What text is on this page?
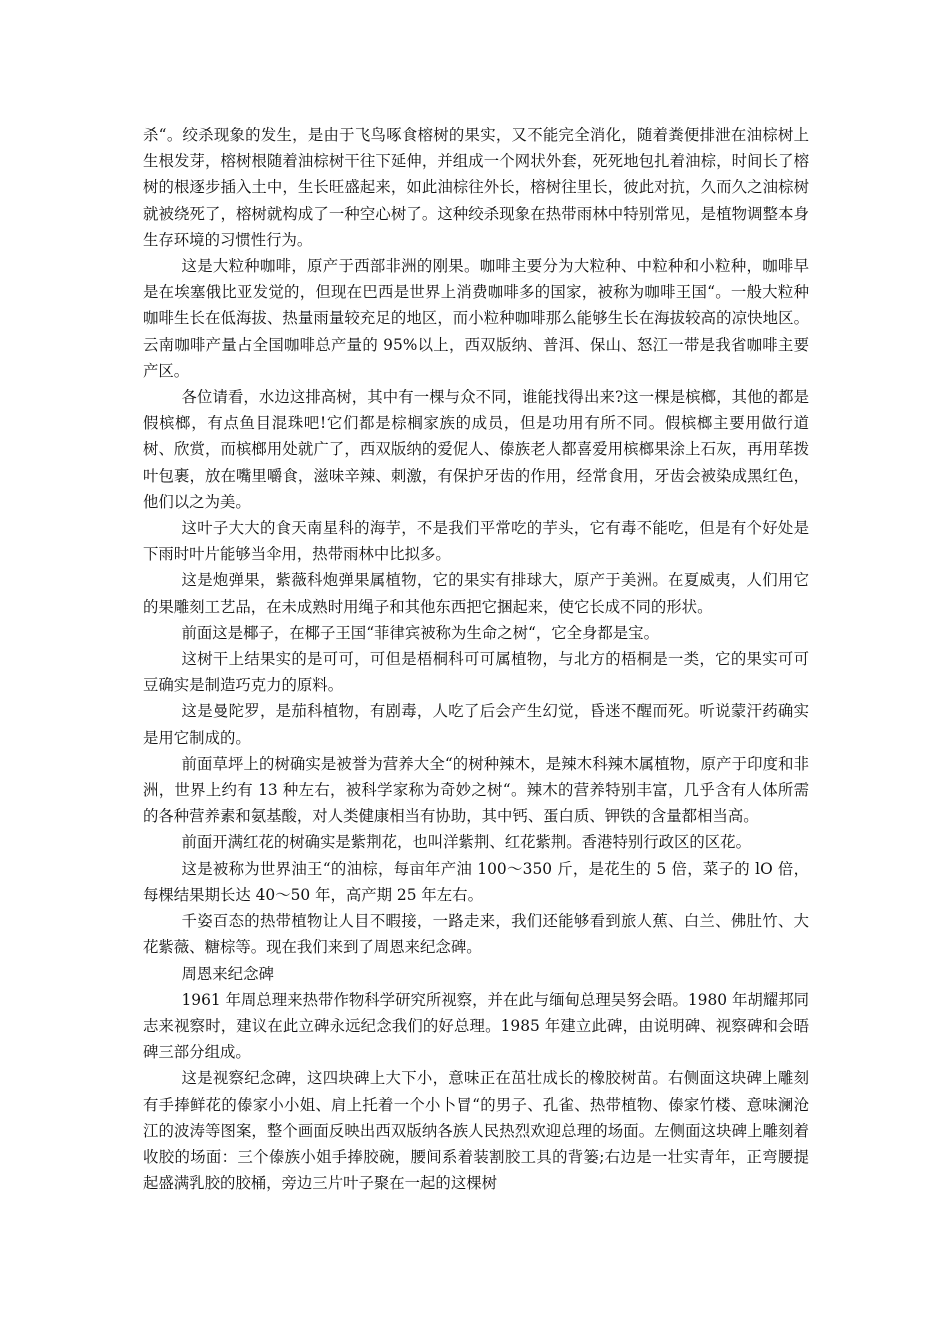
杀“。绞杀现象的发生，是由于飞鸟啄食榕树的果实，又不能完全消化，随着粪便排泄在油棕树上生根发芽，榕树根随着油棕树干往下延伸，并组成一个网状外套，死死地包扎着油棕，时间长了榕树的根逐步插入土中，生长旺盛起来，如此油棕往外长，榕树往里长，彼此对抗，久而久之油棕树就被绕死了，榕树就构成了一种空心树了。这种绞杀现象在热带雨林中特别常见，是植物调整本身生存环境的习惯性行为。

这是大粒种咖啡，原产于西部非洲的刚果。咖啡主要分为大粒种、中粒种和小粒种，咖啡早是在埃塞俄比亚发觉的，但现在巴西是世界上消费咖啡多的国家，被称为咖啡王国“。一般大粒种咖啡生长在低海拔、热量雨量较充足的地区，而小粒种咖啡那么能够生长在海拔较高的凉快地区。云南咖啡产量占全国咖啡总产量的 95%以上，西双版纳、普洱、保山、怒江一带是我省咖啡主要产区。

各位请看，水边这排高树，其中有一棵与众不同，谁能找得出来?这一棵是槟榔，其他的都是假槟榔，有点鱼目混珠吧!它们都是棕榈家族的成员，但是功用有所不同。假槟榔主要用做行道树、欣赏，而槟榔用处就广了，西双版纳的爱伲人、傣族老人都喜爱用槟榔果涂上石灰，再用荜拨叶包裹，放在嘴里嚼食，滋味辛辣、刺激，有保护牙齿的作用，经常食用，牙齿会被染成黑红色，他们以之为美。

这叶子大大的食天南星科的海芋，不是我们平常吃的芋头，它有毒不能吃，但是有个好处是下雨时叶片能够当伞用，热带雨林中比拟多。

这是炮弹果，紫薇科炮弹果属植物，它的果实有排球大，原产于美洲。在夏威夷，人们用它的果雕刻工艺品，在未成熟时用绳子和其他东西把它捆起来，使它长成不同的形状。

前面这是椰子，在椰子王国“菲律宾被称为生命之树“，它全身都是宝。

这树干上结果实的是可可，可但是梧桐科可可属植物，与北方的梧桐是一类，它的果实可可豆确实是制造巧克力的原料。

这是曼陀罗，是茄科植物，有剧毒，人吃了后会产生幻觉，昏迷不醒而死。听说蒙汗药确实是用它制成的。

前面草坪上的树确实是被誉为营养大全“的树种辣木，是辣木科辣木属植物，原产于印度和非洲，世界上约有 13 种左右，被科学家称为奇妙之树“。辣木的营养特别丰富，几乎含有人体所需的各种营养素和氨基酸，对人类健康相当有协助，其中钙、蛋白质、钾铁的含量都相当高。

前面开满红花的树确实是紫荆花，也叫洋紫荆、红花紫荆。香港特别行政区的区花。

这是被称为世界油王“的油棕，每亩年产油 100～350 斤，是花生的 5 倍，菜子的 lO 倍，每棵结果期长达 40～50 年，高产期 25 年左右。

千姿百态的热带植物让人目不暇接，一路走来，我们还能够看到旅人蕉、白兰、佛肚竹、大花紫薇、糖棕等。现在我们来到了周恩来纪念碑。

周恩来纪念碑

1961 年周总理来热带作物科学研究所视察，并在此与缅甸总理吴努会晤。1980 年胡耀邦同志来视察时，建议在此立碑永远纪念我们的好总理。1985 年建立此碑，由说明碑、视察碑和会晤碑三部分组成。

这是视察纪念碑，这四块碑上大下小，意味正在茁壮成长的橡胶树苗。右侧面这块碑上雕刻有手捧鲜花的傣家小小姐、肩上托着一个小卜冒“的男子、孔雀、热带植物、傣家竹楼、意味澜沧江的波涛等图案，整个画面反映出西双版纳各族人民热烈欢迎总理的场面。左侧面这块碑上雕刻着收胶的场面：三个傣族小姐手捧胶碗，腰间系着装割胶工具的背篓;右边是一壮实青年，正弯腰提起盛满乳胶的胶桶，旁边三片叶子聚在一起的这棵树
